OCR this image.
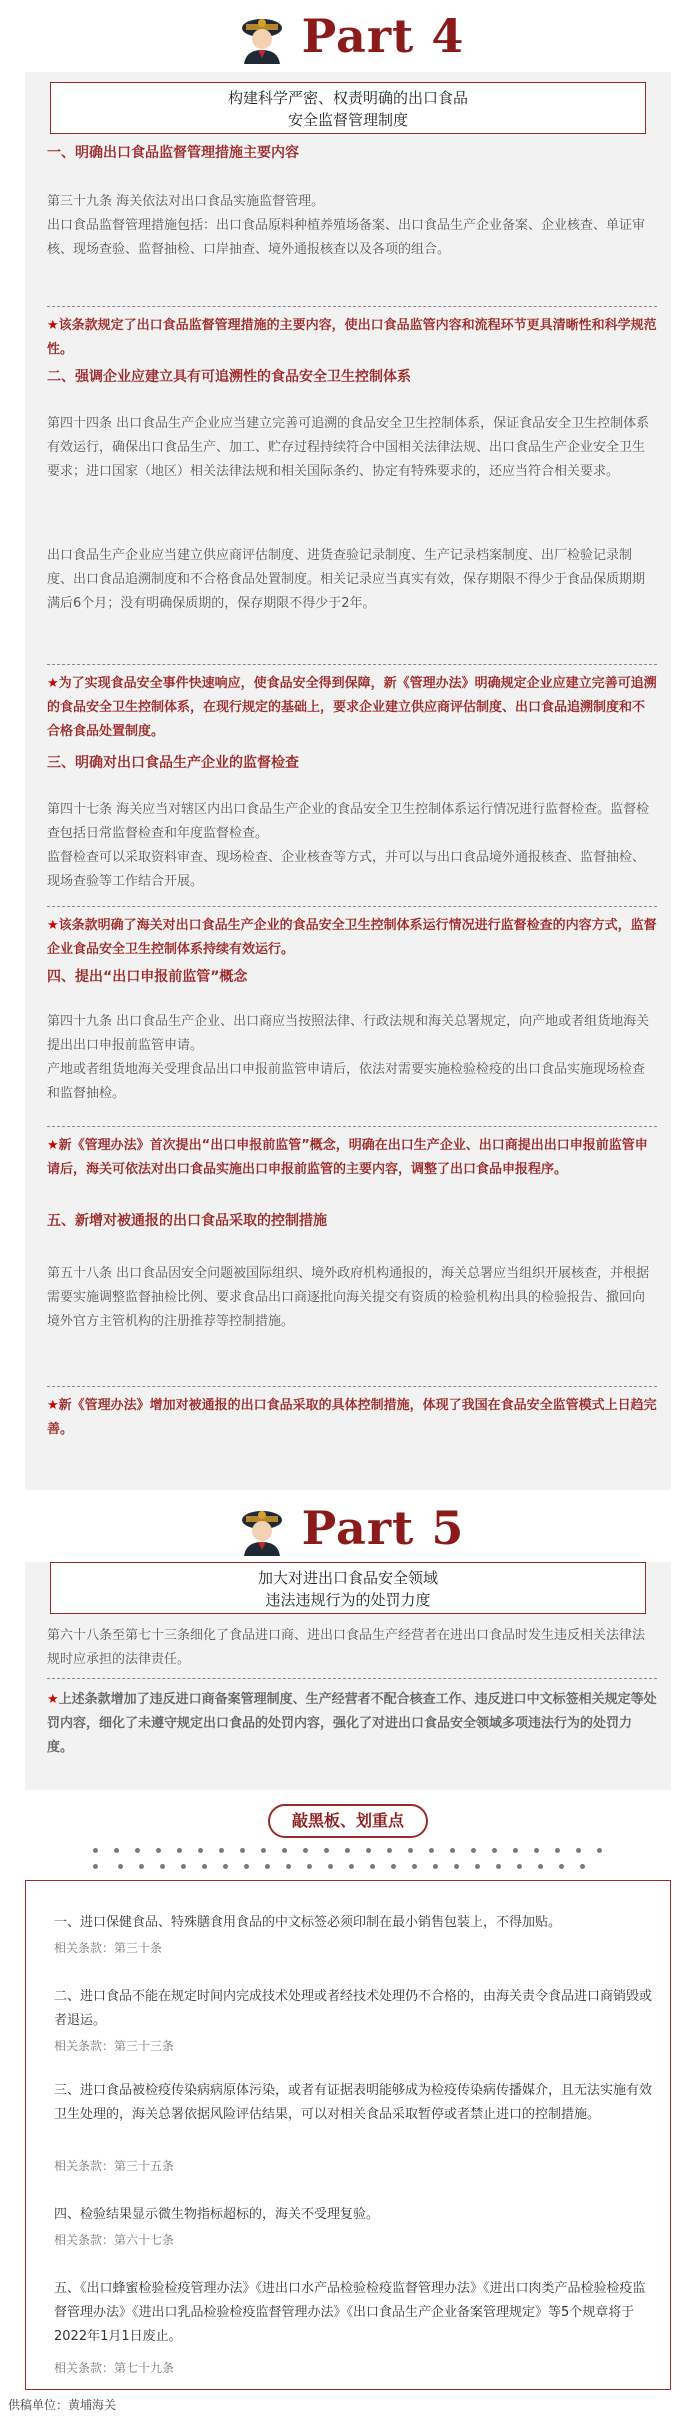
Part 4
构建科学严密、权责明确的出口食品
安全监督管理制度
一、明确出口食品监督管理措施主要内容
第三十九条 海关依法对出口食品实施监督管理。
出口食品监督管理措施包括：出口食品原料种植养殖场备案、出口食品生产企业备案、企业核查、单证审核、现场查验、监督抽检、口岸抽查、境外通报核查以及各项的组合。
★该条款规定了出口食品监督管理措施的主要内容，使出口食品监管内容和流程环节更具清晰性和科学规范性。
二、强调企业应建立具有可追溯性的食品安全卫生控制体系
第四十四条 出口食品生产企业应当建立完善可追溯的食品安全卫生控制体系，保证食品安全卫生控制体系有效运行，确保出口食品生产、加工、贮存过程持续符合中国相关法律法规、出口食品生产企业安全卫生要求；进口国家（地区）相关法律法规和相关国际条约、协定有特殊要求的，还应当符合相关要求。
出口食品生产企业应当建立供应商评估制度、进货查验记录制度、生产记录档案制度、出厂检验记录制度、出口食品追溯制度和不合格食品处置制度。相关记录应当真实有效，保存期限不得少于食品保质期期满后6个月；没有明确保质期的，保存期限不得少于2年。
★为了实现食品安全事件快速响应，使食品安全得到保障，新《管理办法》明确规定企业应建立完善可追溯的食品安全卫生控制体系，在现行规定的基础上，要求企业建立供应商评估制度、出口食品追溯制度和不合格食品处置制度。
三、明确对出口食品生产企业的监督检查
第四十七条 海关应当对辖区内出口食品生产企业的食品安全卫生控制体系运行情况进行监督检查。监督检查包括日常监督检查和年度监督检查。
监督检查可以采取资料审查、现场检查、企业核查等方式，并可以与出口食品境外通报核查、监督抽检、现场查验等工作结合开展。
★该条款明确了海关对出口食品生产企业的食品安全卫生控制体系运行情况进行监督检查的内容方式，监督企业食品安全卫生控制体系持续有效运行。
四、提出“出口申报前监管”概念
第四十九条 出口食品生产企业、出口商应当按照法律、行政法规和海关总署规定，向产地或者组货地海关提出出口申报前监管申请。
产地或者组货地海关受理食品出口申报前监管申请后，依法对需要实施检验检疫的出口食品实施现场检查和监督抽检。
★新《管理办法》首次提出“出口申报前监管”概念，明确在出口生产企业、出口商提出出口申报前监管申请后，海关可依法对出口食品实施出口申报前监管的主要内容，调整了出口食品申报程序。
五、新增对被通报的出口食品采取的控制措施
第五十八条 出口食品因安全问题被国际组织、境外政府机构通报的，海关总署应当组织开展核查，并根据需要实施调整监督抽检比例、要求食品出口商逐批向海关提交有资质的检验机构出具的检验报告、撤回向境外官方主管机构的注册推荐等控制措施。
★新《管理办法》增加对被通报的出口食品采取的具体控制措施，体现了我国在食品安全监管模式上日趋完善。
Part 5
加大对进出口食品安全领域
违法违规行为的处罚力度
第六十八条至第七十三条细化了食品进口商、进出口食品生产经营者在进出口食品时发生违反相关法律法规时应承担的法律责任。
★上述条款增加了违反进口商备案管理制度、生产经营者不配合核查工作、违反进口中文标签相关规定等处罚内容，细化了未遵守规定出口食品的处罚内容，强化了对进出口食品安全领域多项违法行为的处罚力度。
敲黑板、划重点

一、进口保健食品、特殊膳食用食品的中文标签必须印制在最小销售包装上，不得加贴。
相关条款：第三十条
二、进口食品不能在规定时间内完成技术处理或者经技术处理仍不合格的，由海关责令食品进口商销毁或者退运。
相关条款：第三十三条
三、进口食品被检疫传染病病原体污染，或者有证据表明能够成为检疫传染病传播媒介，且无法实施有效卫生处理的，海关总署依据风险评估结果，可以对相关食品采取暂停或者禁止进口的控制措施。
相关条款：第三十五条
四、检验结果显示微生物指标超标的，海关不受理复验。
相关条款：第六十七条
五、《出口蜂蜜检验检疫管理办法》《进出口水产品检验检疫监督管理办法》《进出口肉类产品检验检疫监督管理办法》《进出口乳品检验检疫监督管理办法》《出口食品生产企业备案管理规定》等5个规章将于2022年1月1日废止。
相关条款：第七十九条
供稿单位：黄埔海关
